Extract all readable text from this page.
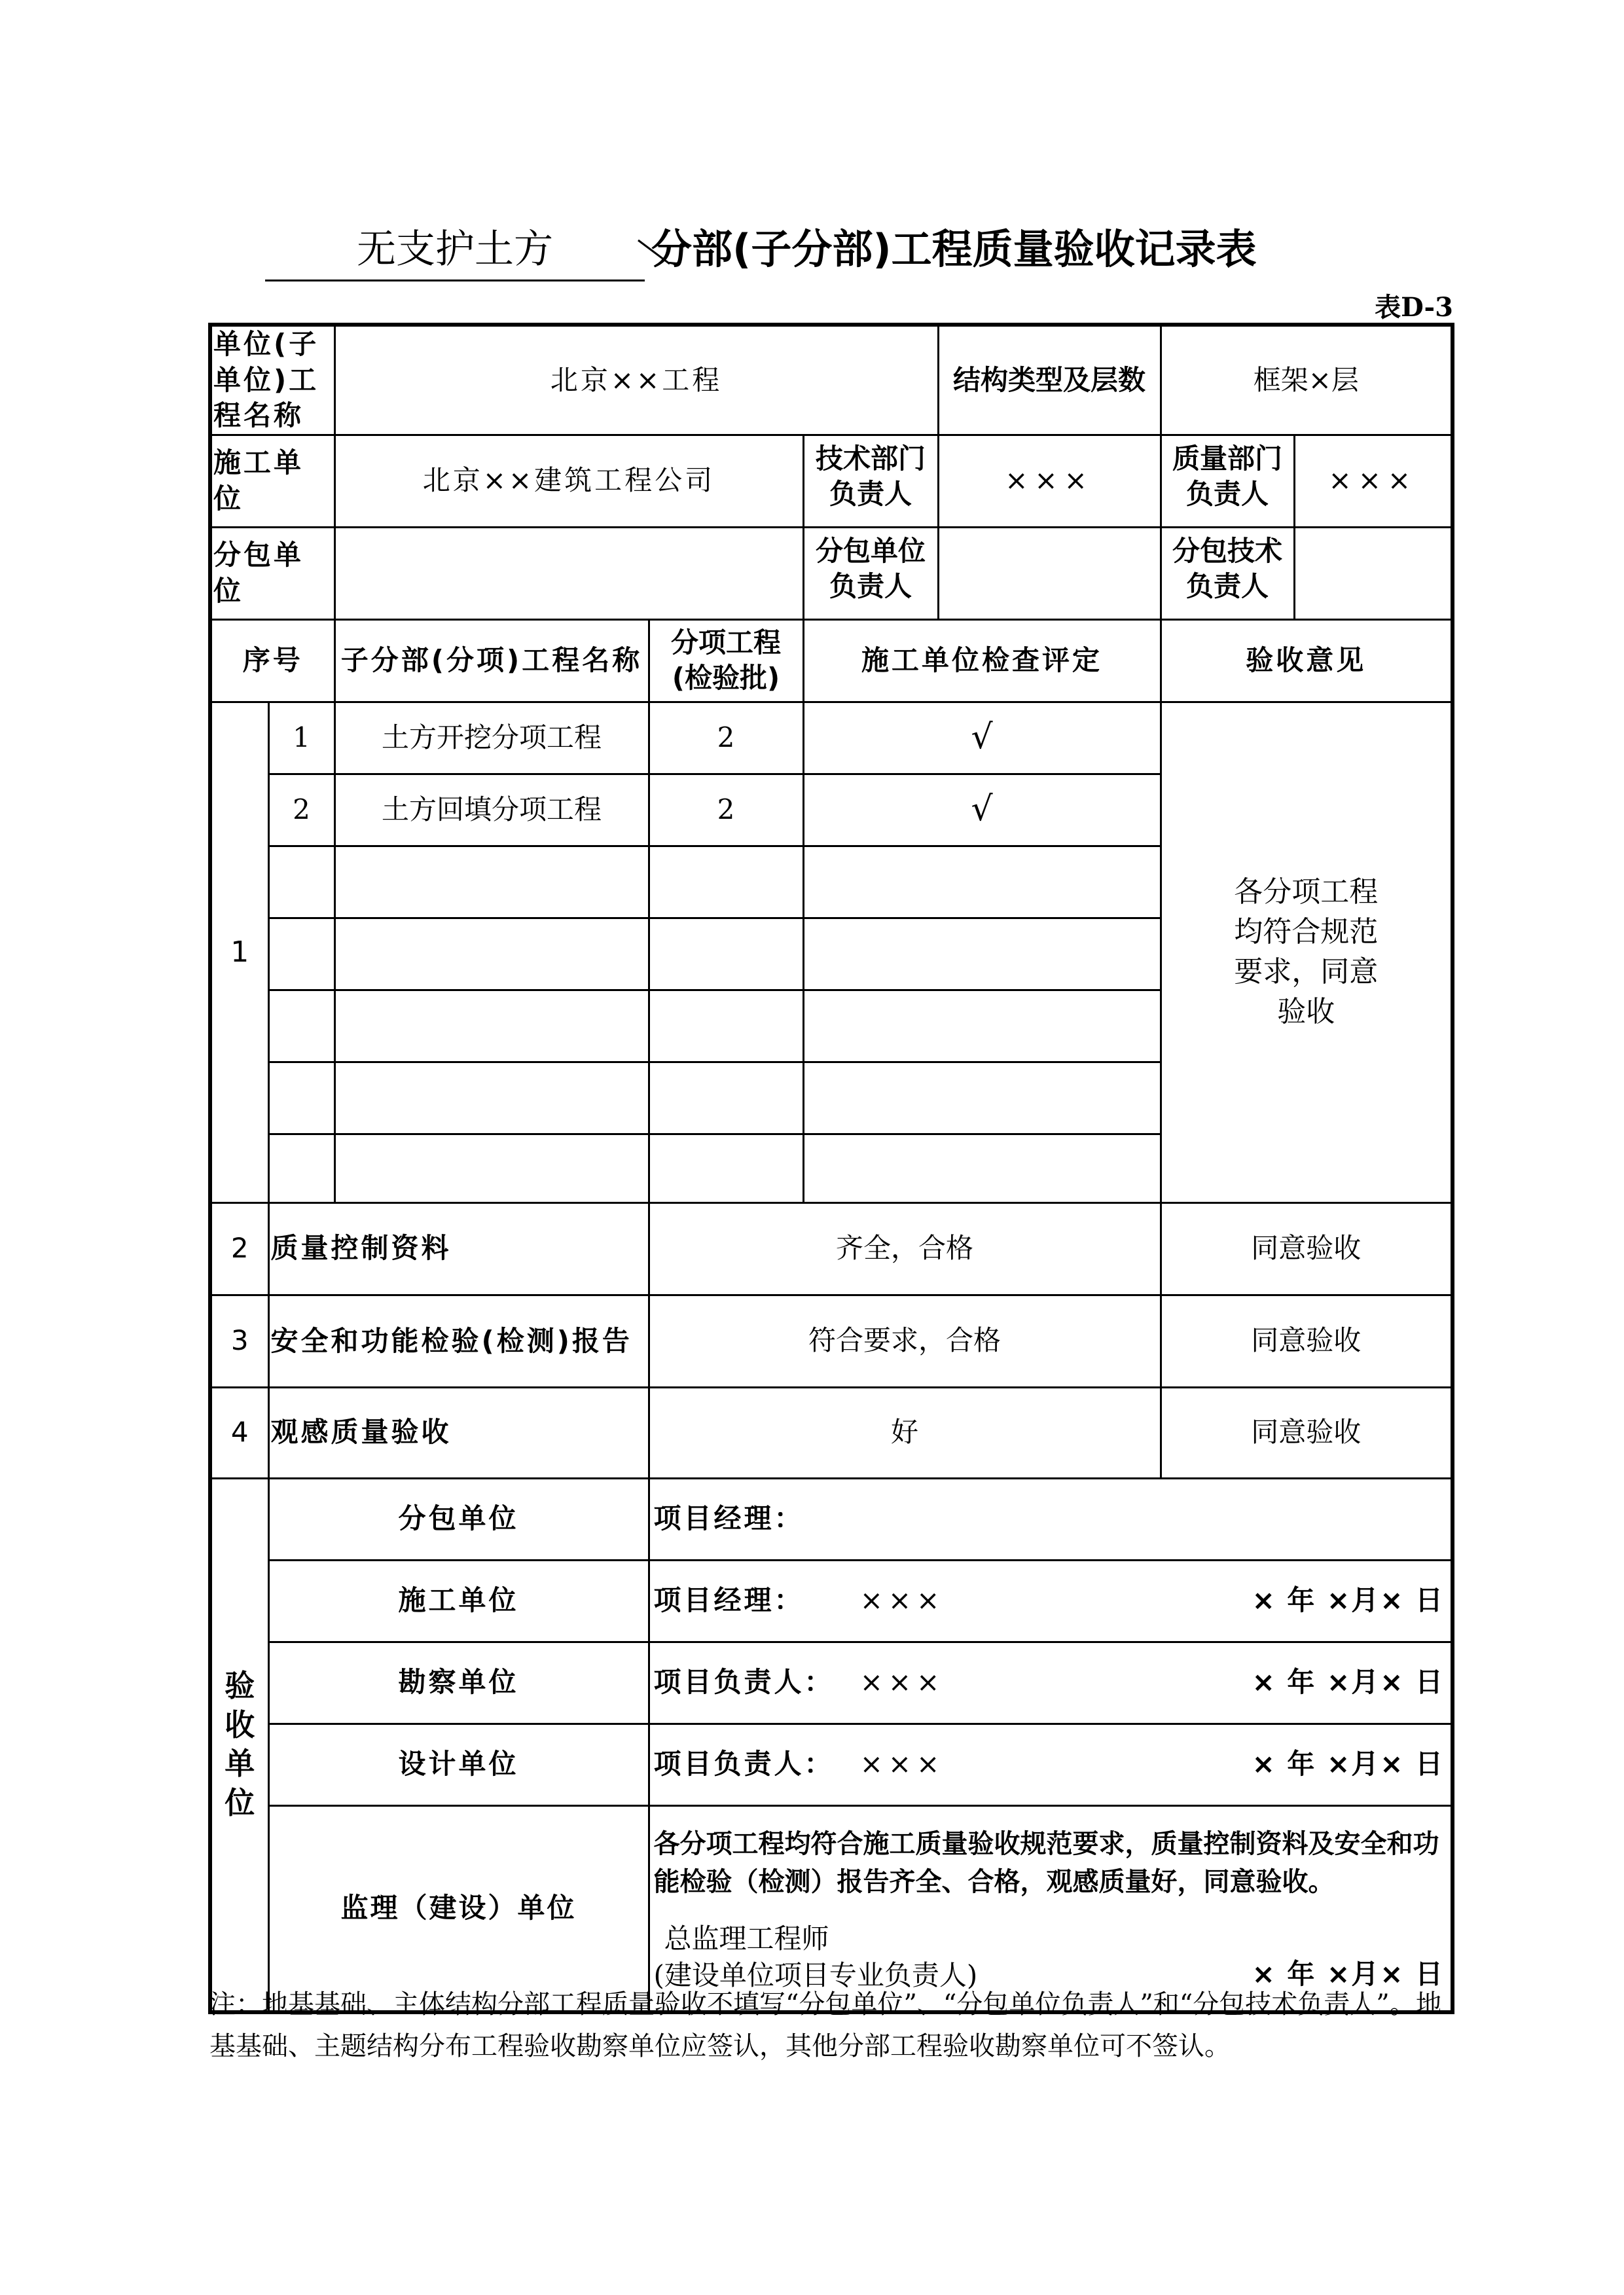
无支护土方	分部(子分部)工程质量验收记录表
表D-3
单位(子单位)工程名称		北京××工程			结构类型及层数	框架×层	
施工单位		北京××建筑工程公司		技术部门负责人	×××	质量部门负责人	×××
分包单位				分包单位负责人		分包技术负责人	

序号		子分部(分项)工程名称	分项工程(检验批)	施工单位检查评定		验收意见	
1	1	土方开挖分项工程	2	√		各分项工程均符合规范要求，同意验收	
	2	土方回填分项工程	2	√			

2	质量控制资料		齐全，合格			同意验收	
3	安全和功能检验(检测)报告		符合要求，合格			同意验收	
4	观感质量验收		好			同意验收	

验收单位	分包单位		项目经理：				

	施工单位		项目经理： ××× × 年 ×月× 日				

	勘察单位		项目负责人： ××× × 年 ×月× 日				

	设计单位		项目负责人： ××× × 年 ×月× 日				

	监理（建设）单位		各分项工程均符合施工质量验收规范要求，质量控制资料及安全和功能检验（检测）报告齐全、合格，观感质量好，同意验收。
总监理工程师
(建设单位项目专业负责人) × 年 ×月× 日				
注：地基基础、主体结构分部工程质量验收不填写“分包单位”、“分包单位负责人”和“分包技术负责人”。地基基础、主题结构分布工程验收勘察单位应签认，其他分部工程验收勘察单位可不签认。
